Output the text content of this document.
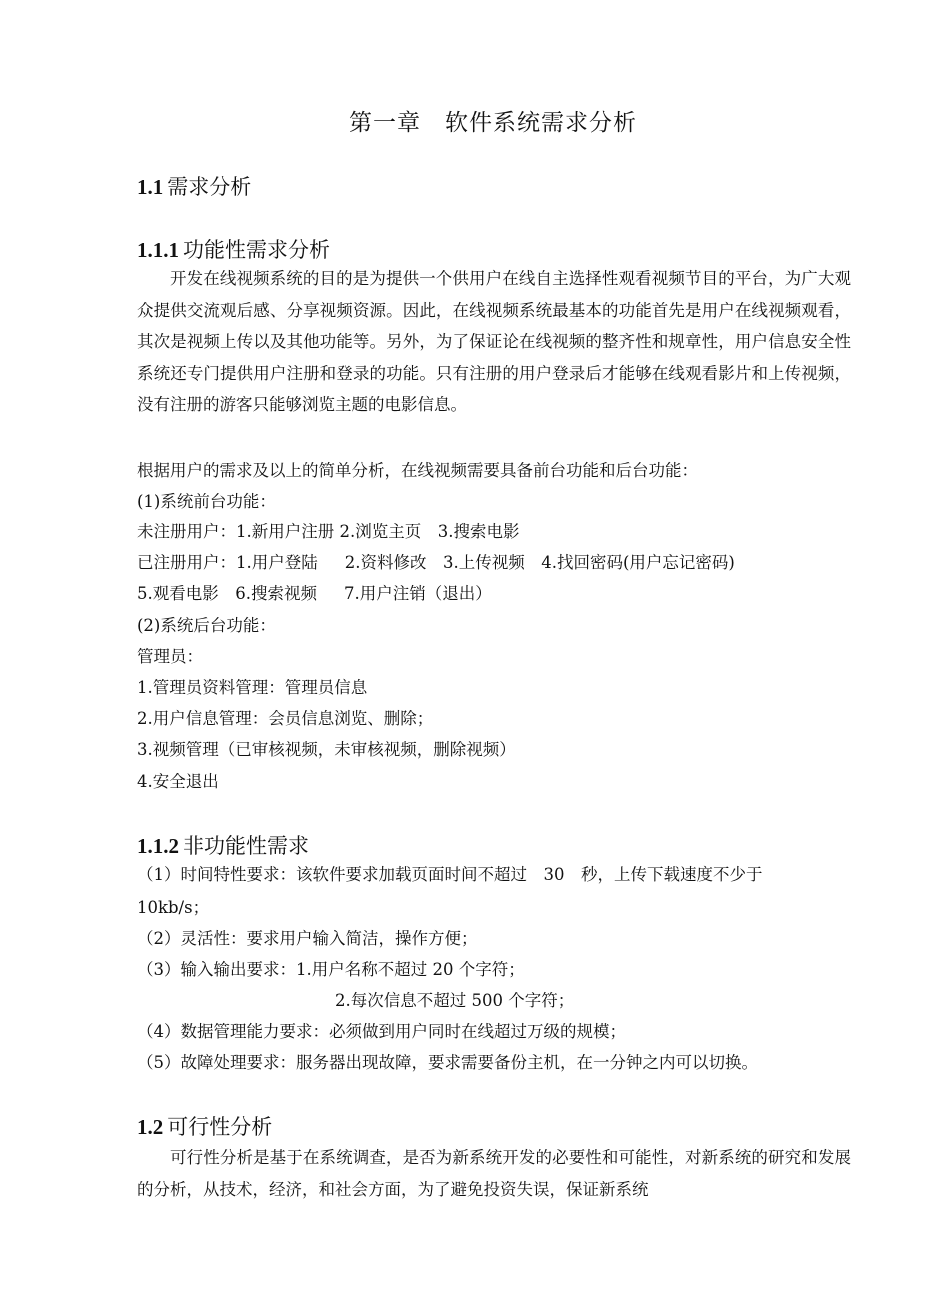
第一章　软件系统需求分析
1.1 需求分析
1.1.1 功能性需求分析

开发在线视频系统的目的是为提供一个供用户在线自主选择性观看视频节目的平台，为广大观众提供交流观后感、分享视频资源。因此，在线视频系统最基本的功能首先是用户在线视频观看，其次是视频上传以及其他功能等。另外，为了保证论在线视频的整齐性和规章性，用户信息安全性系统还专门提供用户注册和登录的功能。只有注册的用户登录后才能够在线观看影片和上传视频，没有注册的游客只能够浏览主题的电影信息。

根据用户的需求及以上的简单分析，在线视频需要具备前台功能和后台功能：
(1)系统前台功能：
未注册用户：1.新用户注册 2.浏览主页　3.搜索电影
已注册用户：1.用户登陆　  2.资料修改　3.上传视频　4.找回密码(用户忘记密码)
5.观看电影　6.搜索视频　  7.用户注销（退出）
(2)系统后台功能：
管理员：
1.管理员资料管理：管理员信息
2.用户信息管理：会员信息浏览、删除；
3.视频管理（已审核视频，未审核视频，删除视频）
4.安全退出
1.1.2 非功能性需求
（1）时间特性要求：该软件要求加载页面时间不超过　30　秒，上传下载速度不少于
10kb/s；
（2）灵活性：要求用户输入简洁，操作方便；
（3）输入输出要求：1.用户名称不超过 20 个字符；
　　　　　　　　　　　　2.每次信息不超过 500 个字符；
（4）数据管理能力要求：必须做到用户同时在线超过万级的规模；
（5）故障处理要求：服务器出现故障，要求需要备份主机，在一分钟之内可以切换。
1.2 可行性分析

可行性分析是基于在系统调查，是否为新系统开发的必要性和可能性，对新系统的研究和发展的分析，从技术，经济，和社会方面，为了避免投资失误，保证新系统
